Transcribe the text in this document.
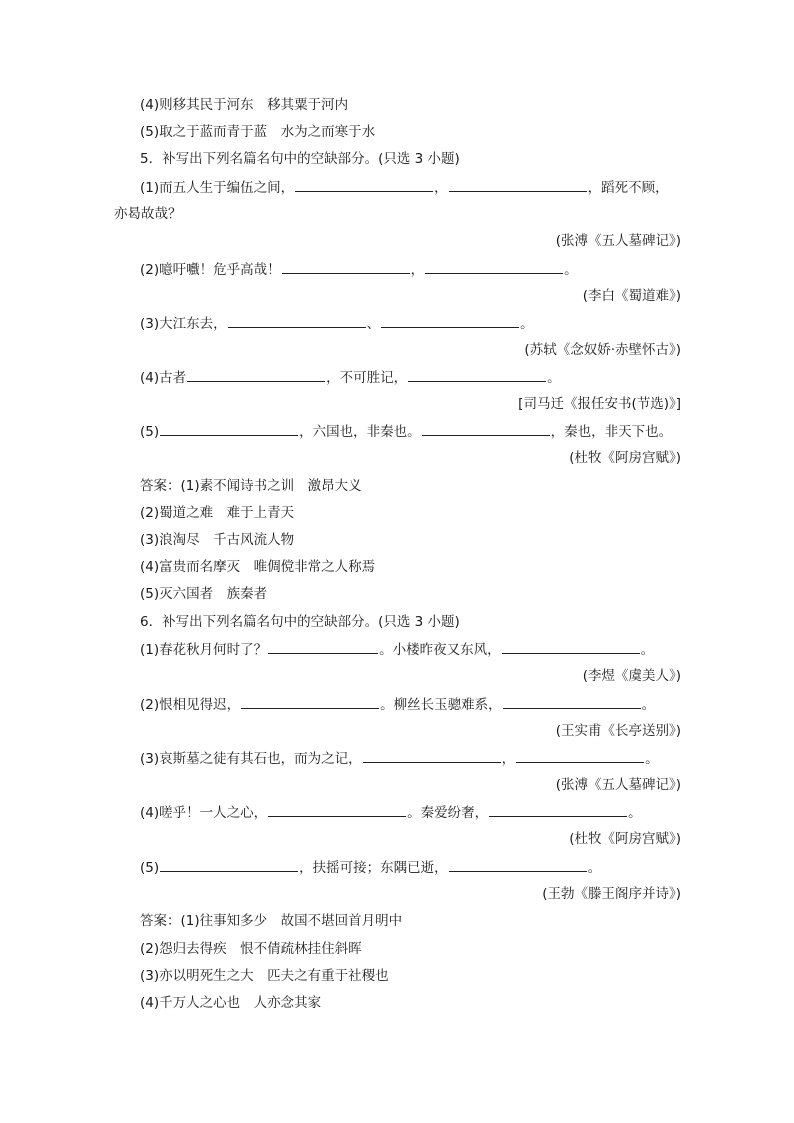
(4)则移其民于河东　移其粟于河内
(5)取之于蓝而青于蓝　水为之而寒于水
5．补写出下列名篇名句中的空缺部分。(只选 3 小题)
(1)而五人生于编伍之间，	，	，蹈死不顾，
亦曷故哉？
(张溥《五人墓碑记》)
(2)噫吁嚱！危乎高哉！	，	。
(李白《蜀道难》)
(3)大江东去，	、	。
(苏轼《念奴娇·赤壁怀古》)
(4)古者	，不可胜记，	。
[司马迁《报任安书(节选)》]
(5)	，六国也，非秦也。	，秦也，非天下也。
(杜牧《阿房宫赋》)
答案：(1)素不闻诗书之训　激昂大义
(2)蜀道之难　难于上青天
(3)浪淘尽　千古风流人物
(4)富贵而名摩灭　唯倜傥非常之人称焉
(5)灭六国者　族秦者
6．补写出下列名篇名句中的空缺部分。(只选 3 小题)
(1)春花秋月何时了？	。小楼昨夜又东风，	。
(李煜《虞美人》)
(2)恨相见得迟，	。柳丝长玉骢难系，	。
(王实甫《长亭送别》)
(3)哀斯墓之徒有其石也，而为之记，	，	。
(张溥《五人墓碑记》)
(4)嗟乎！一人之心，	。秦爱纷奢，	。
(杜牧《阿房宫赋》)
(5)	，扶摇可接；东隅已逝，	。
(王勃《滕王阁序并诗》)
答案：(1)往事知多少　故国不堪回首月明中
(2)怨归去得疾　恨不倩疏林挂住斜晖
(3)亦以明死生之大　匹夫之有重于社稷也
(4)千万人之心也　人亦念其家
